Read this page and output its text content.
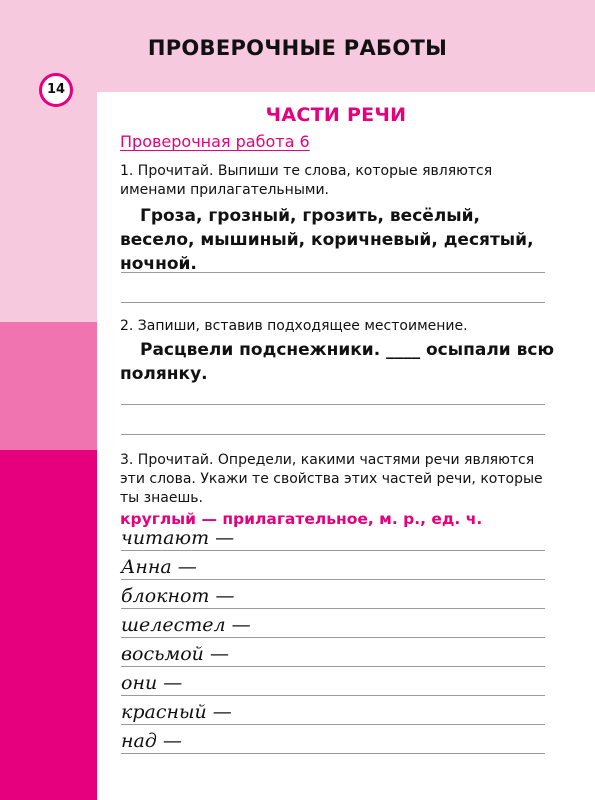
ПРОВЕРОЧНЫЕ РАБОТЫ
14
ЧАСТИ РЕЧИ
Проверочная работа 6
1. Прочитай. Выпиши те слова, которые являются именами прилагательными.
Гроза, грозный, грозить, весёлый, весело, мышиный, коричневый, десятый, ночной.
2. Запиши, вставив подходящее местоимение.
Расцвели подснежники. ____ осыпали всю полянку.
3. Прочитай. Определи, какими частями речи являются эти слова. Укажи те свойства этих частей речи, которые ты знаешь.
круглый — прилагательное, м. р., ед. ч.
читают —
Анна —
блокнот —
шелестел —
восьмой —
они —
красный —
над —
